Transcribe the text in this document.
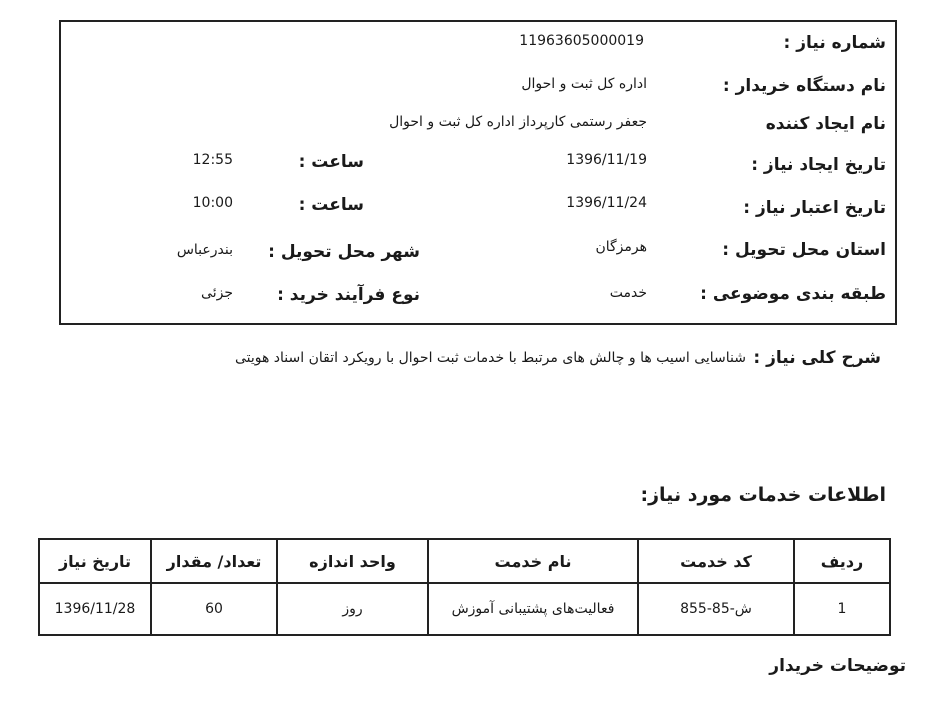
شماره نیاز :
11963605000019
نام دستگاه خریدار :
اداره کل ثبت و احوال
نام ایجاد کننده
جعفر رستمی کارپرداز اداره کل ثبت و احوال
تاریخ ایجاد نیاز :
1396/11/19
ساعت :
12:55
تاریخ اعتبار نیاز :
1396/11/24
ساعت :
10:00
استان محل تحویل :
هرمزگان
شهر محل تحویل :
بندرعباس
طبقه بندی موضوعی :
خدمت
نوع فرآیند خرید :
جزئی
شرح کلی نیاز :
شناسایی اسیب ها و چالش های مرتبط با خدمات ثبت احوال با رویکرد اتقان اسناد هویتی
اطلاعات خدمات مورد نیاز:
ردیف	کد خدمت	نام خدمت	واحد اندازه	تعداد/ مقدار	تاریخ نیاز
1	ش-85-855	فعالیت‌های پشتیبانی آموزش	روز	60	1396/11/28
توضیحات خریدار
